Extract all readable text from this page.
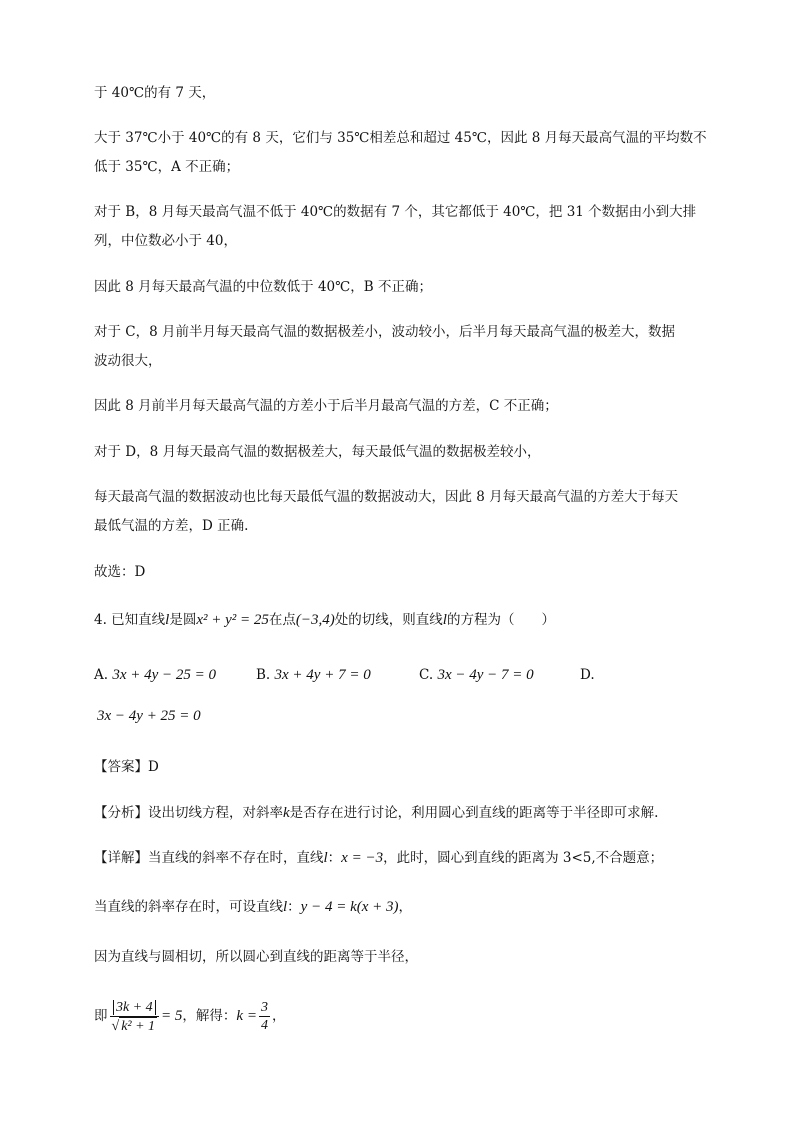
于 40℃的有 7 天，
大于 37℃小于 40℃的有 8 天，它们与 35℃相差总和超过 45℃，因此 8 月每天最高气温的平均数不
低于 35℃，A 不正确；
对于 B，8 月每天最高气温不低于 40℃的数据有 7 个，其它都低于 40℃，把 31 个数据由小到大排
列，中位数必小于 40，
因此 8 月每天最高气温的中位数低于 40℃，B 不正确；
对于 C，8 月前半月每天最高气温的数据极差小，波动较小，后半月每天最高气温的极差大，数据
波动很大，
因此 8 月前半月每天最高气温的方差小于后半月最高气温的方差，C 不正确；
对于 D，8 月每天最高气温的数据极差大，每天最低气温的数据极差较小，
每天最高气温的数据波动也比每天最低气温的数据波动大，因此 8 月每天最高气温的方差大于每天
最低气温的方差，D 正确.
故选：D
4. 已知直线l是圆x² + y² = 25在点(−3,4)处的切线，则直线l的方程为（　　）
A. 3x + 4y − 25 = 0	B. 3x + 4y + 7 = 0	C. 3x − 4y − 7 = 0	D.
3x − 4y + 25 = 0
【答案】D
【分析】设出切线方程，对斜率k是否存在进行讨论，利用圆心到直线的距离等于半径即可求解.
【详解】当直线的斜率不存在时，直线l：x = −3，此时，圆心到直线的距离为 3<5,不合题意；
当直线的斜率存在时，可设直线l：y − 4 = k(x + 3)，
因为直线与圆相切，所以圆心到直线的距离等于半径，
即 $\frac{3k + 4}{\text{√ k² + 1}} = 5$，解得：$k = \frac{3}{4}$ ，
